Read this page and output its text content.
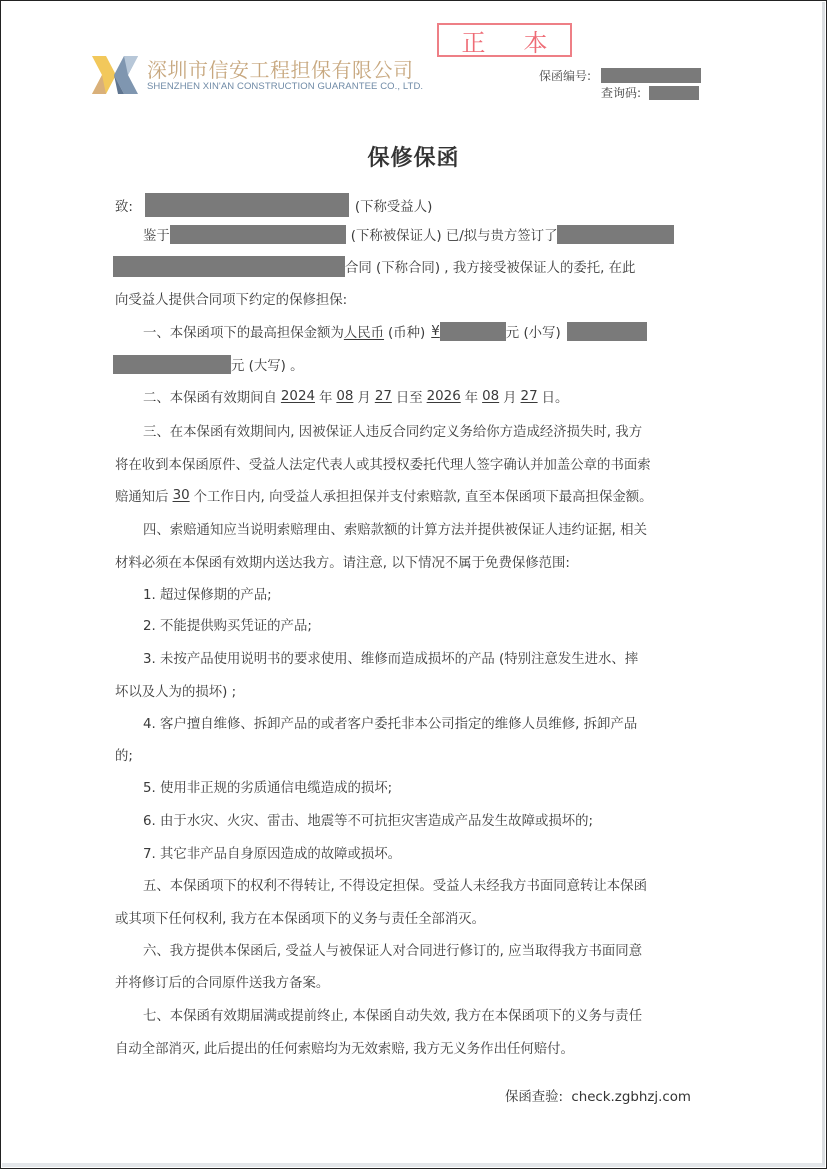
深圳市信安工程担保有限公司
SHENZHEN XIN'AN CONSTRUCTION GUARANTEE CO., LTD.
正 本
保函编号:
查询码:
保修保函
致:	(下称受益人)
鉴于	(下称被保证人) 已/拟与贵方签订了
合同 (下称合同) , 我方接受被保证人的委托, 在此
向受益人提供合同项下约定的保修担保:
一、本保函项下的最高担保金额为 人民币 (币种) ¥	元 (小写)
元 (大写) 。
二、本保函有效期间自 2024 年 08 月 27 日至 2026 年 08 月 27 日。
三、在本保函有效期间内, 因被保证人违反合同约定义务给你方造成经济损失时, 我方
将在收到本保函原件、受益人法定代表人或其授权委托代理人签字确认并加盖公章的书面索
赔通知后 30 个工作日内, 向受益人承担担保并支付索赔款, 直至本保函项下最高担保金额。
四、索赔通知应当说明索赔理由、索赔款额的计算方法并提供被保证人违约证据, 相关
材料必须在本保函有效期内送达我方。请注意, 以下情况不属于免费保修范围:
1. 超过保修期的产品;
2. 不能提供购买凭证的产品;
3. 未按产品使用说明书的要求使用、维修而造成损坏的产品 (特别注意发生进水、摔
坏以及人为的损坏) ;
4. 客户擅自维修、拆卸产品的或者客户委托非本公司指定的维修人员维修, 拆卸产品
的;
5. 使用非正规的劣质通信电缆造成的损坏;
6. 由于水灾、火灾、雷击、地震等不可抗拒灾害造成产品发生故障或损坏的;
7. 其它非产品自身原因造成的故障或损坏。
五、本保函项下的权利不得转让, 不得设定担保。受益人未经我方书面同意转让本保函
或其项下任何权利, 我方在本保函项下的义务与责任全部消灭。
六、我方提供本保函后, 受益人与被保证人对合同进行修订的, 应当取得我方书面同意
并将修订后的合同原件送我方备案。
七、本保函有效期届满或提前终止, 本保函自动失效, 我方在本保函项下的义务与责任
自动全部消灭, 此后提出的任何索赔均为无效索赔, 我方无义务作出任何赔付。
保函查验: check.zgbhzj.com
